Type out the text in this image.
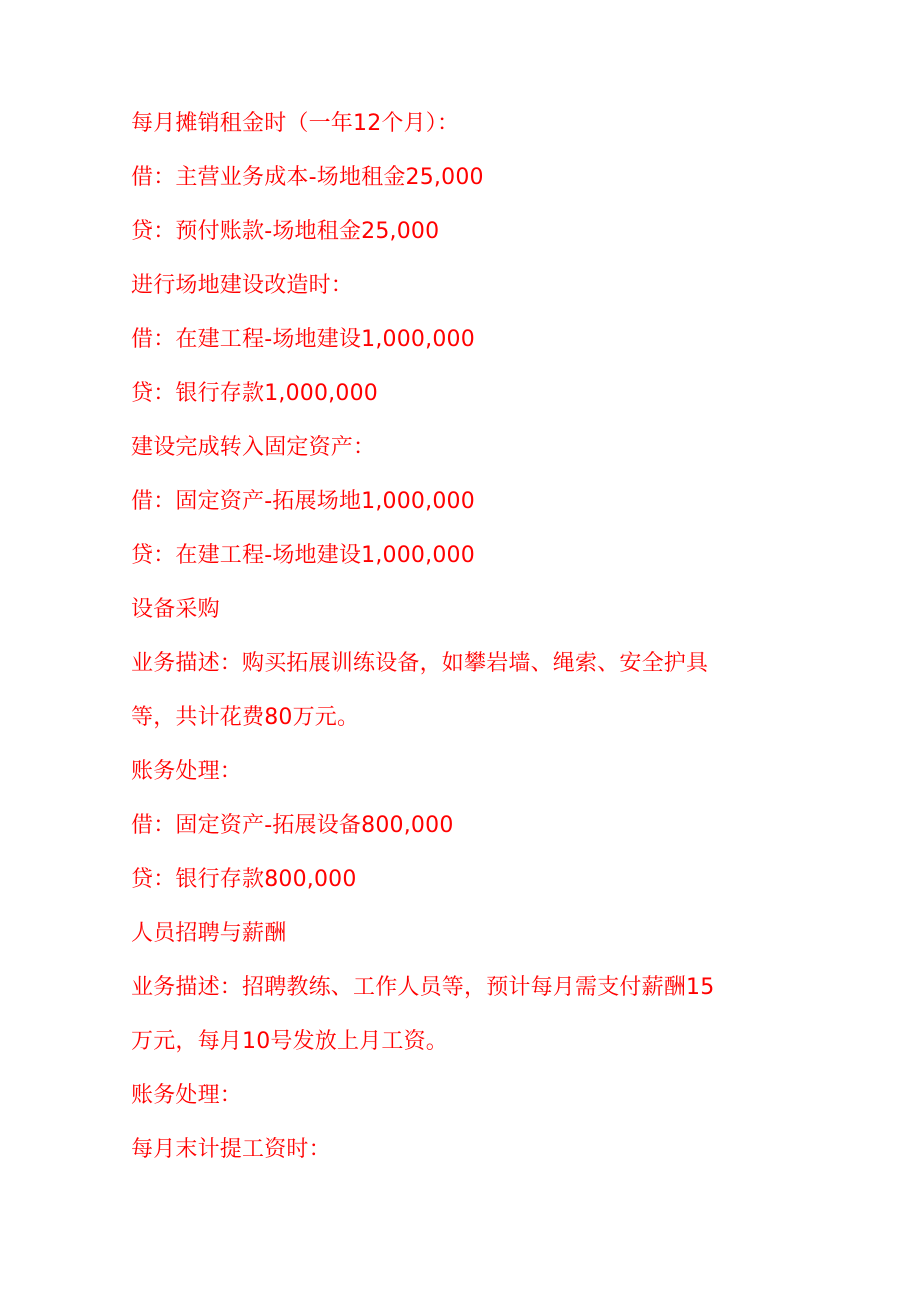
每月摊销租金时（一年12个月）：
借：主营业务成本-场地租金25,000
贷：预付账款-场地租金25,000
进行场地建设改造时：
借：在建工程-场地建设1,000,000
贷：银行存款1,000,000
建设完成转入固定资产：
借：固定资产-拓展场地1,000,000
贷：在建工程-场地建设1,000,000
设备采购
业务描述：购买拓展训练设备，如攀岩墙、绳索、安全护具
等，共计花费80万元。
账务处理：
借：固定资产-拓展设备800,000
贷：银行存款800,000
人员招聘与薪酬
业务描述：招聘教练、工作人员等，预计每月需支付薪酬15
万元，每月10号发放上月工资。
账务处理：
每月末计提工资时：
